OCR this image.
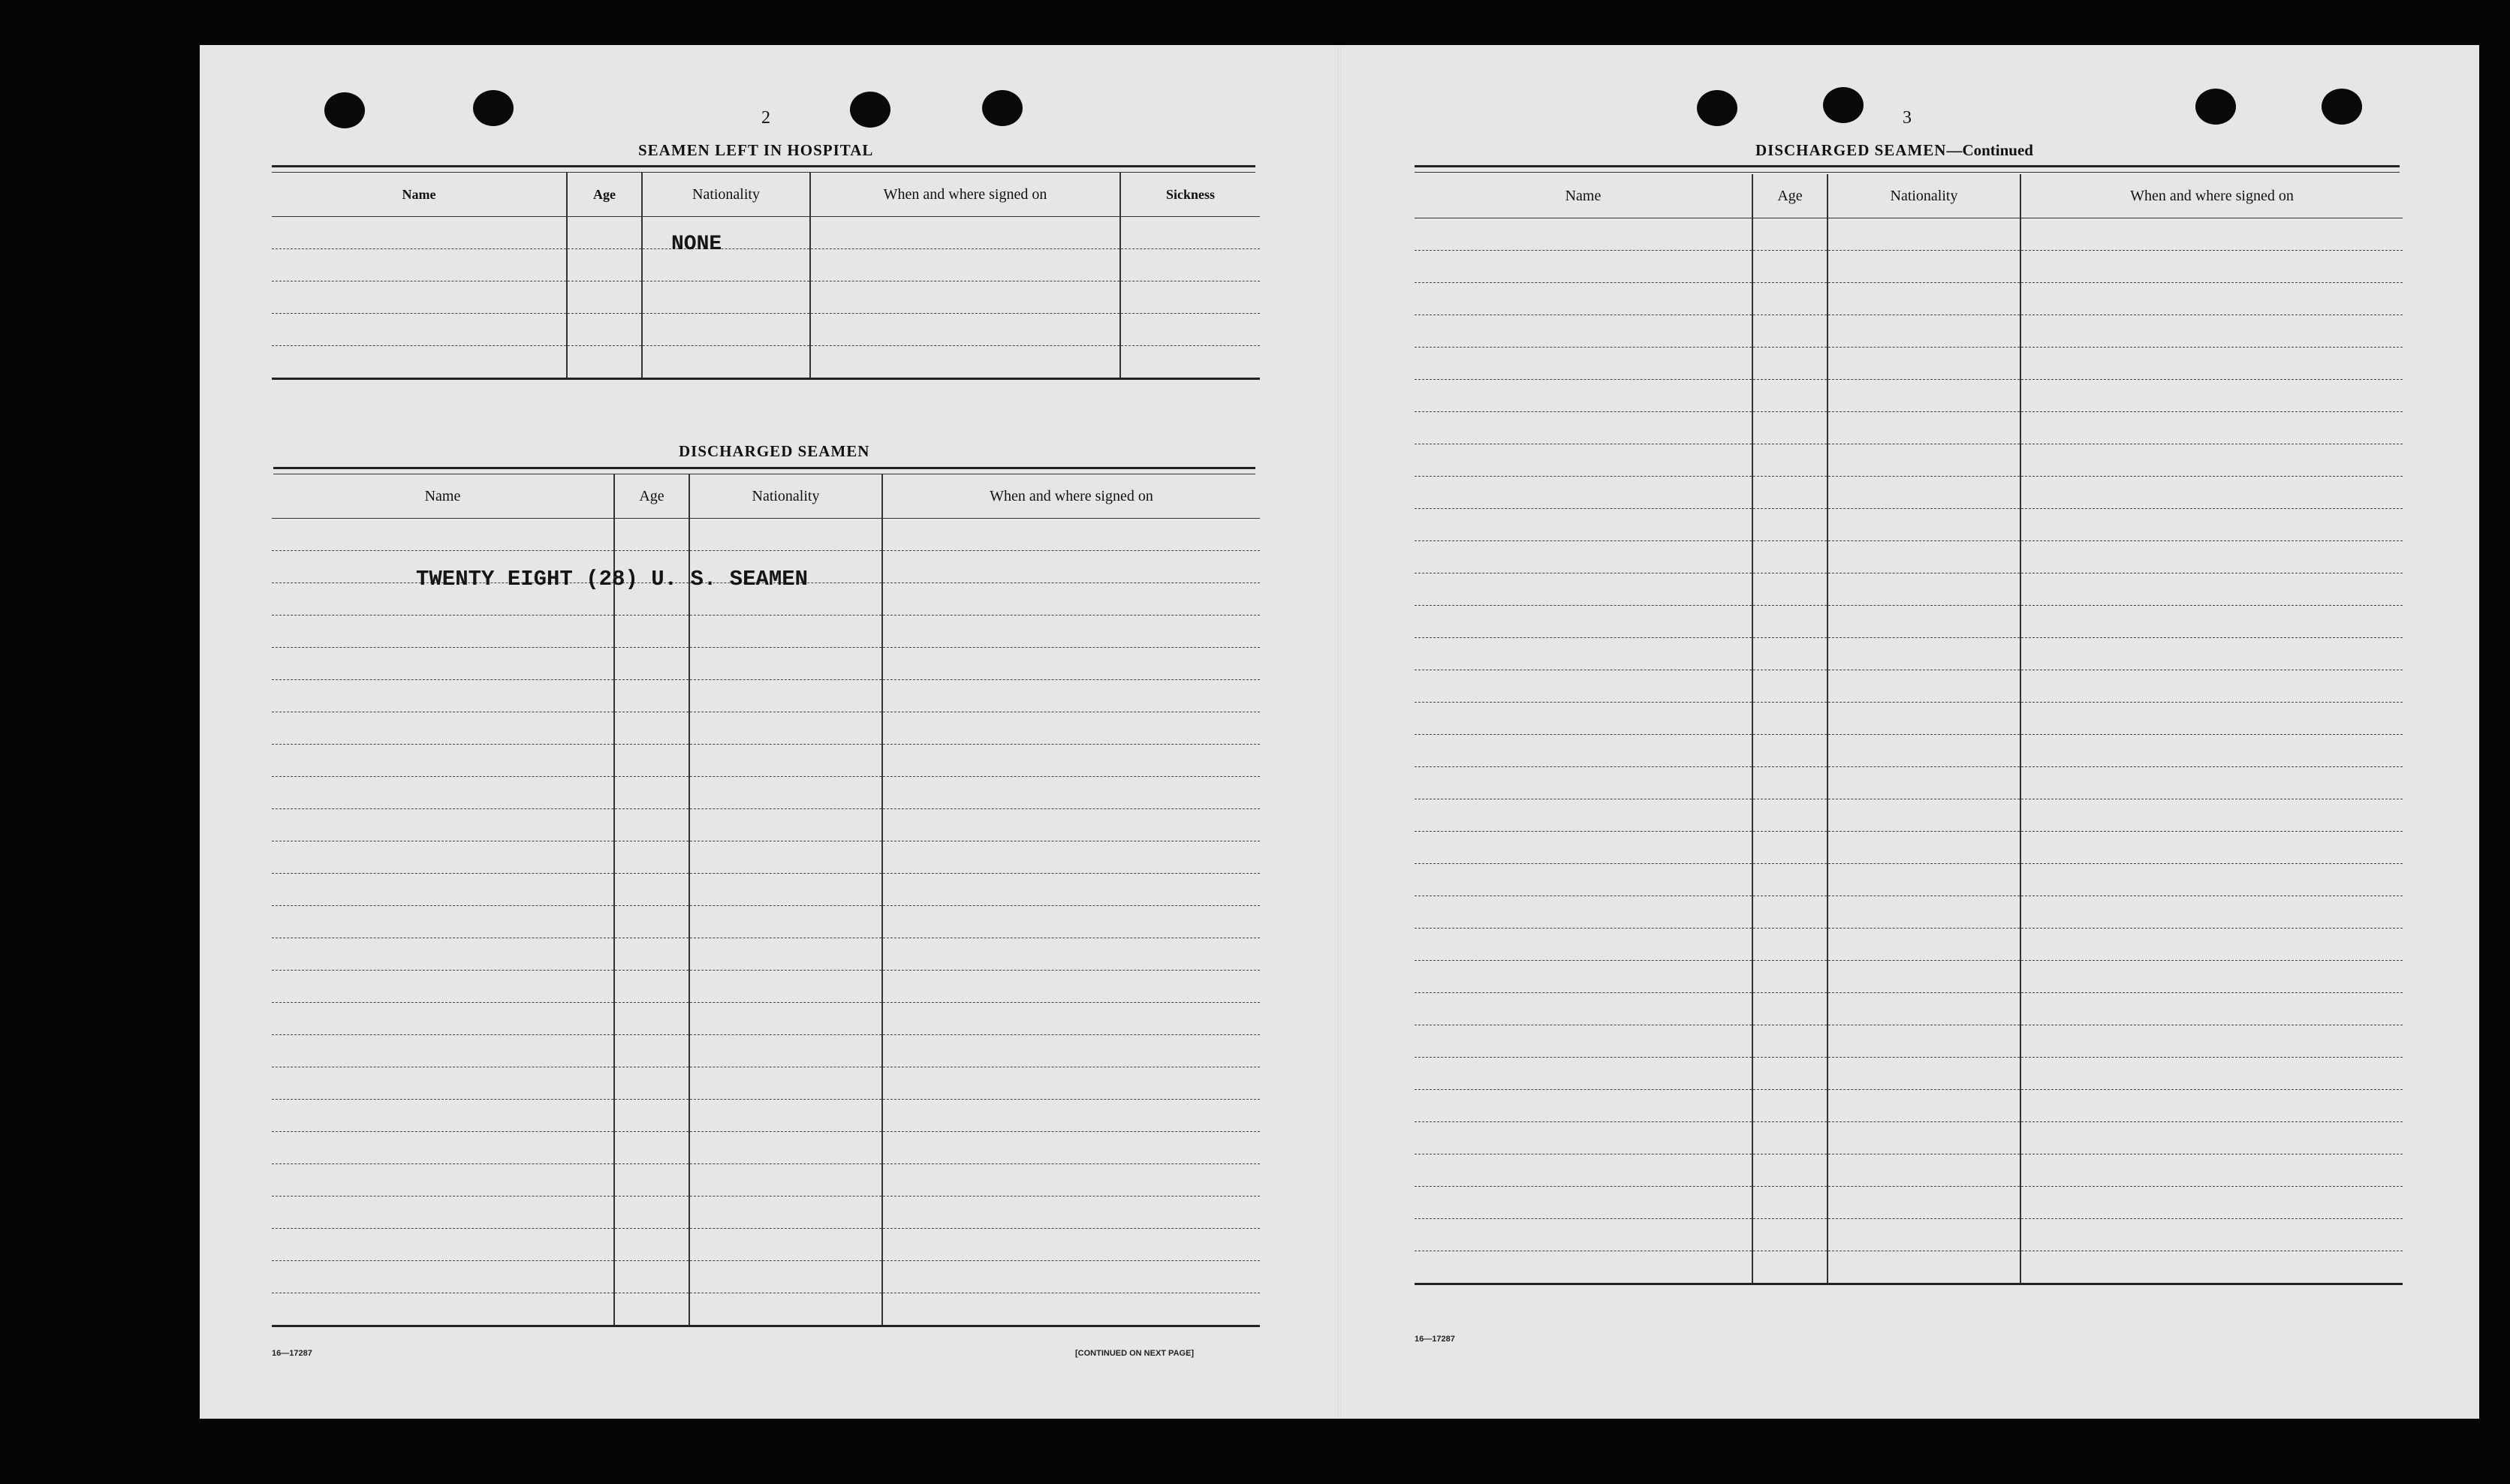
2
SEAMEN LEFT IN HOSPITAL
Name	Age	Nationality	When and where signed on	Sickness

NONE
DISCHARGED SEAMEN
Name	Age	Nationality	When and where signed on

TWENTY EIGHT (28) U. S. SEAMEN
16—17287	[CONTINUED ON NEXT PAGE]
3
DISCHARGED SEAMEN—Continued
Name	Age	Nationality	When and where signed on

16—17287
